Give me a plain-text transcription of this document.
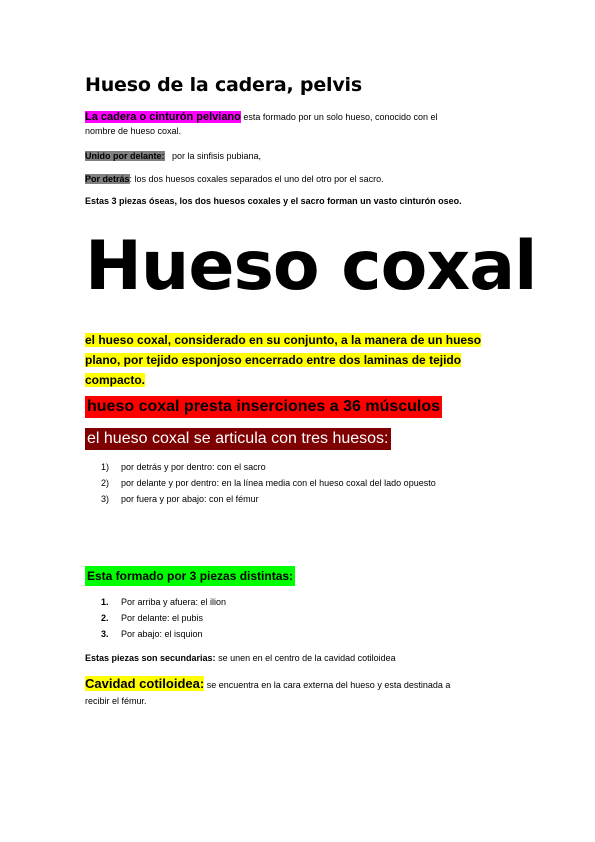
Hueso de la cadera, pelvis
La cadera o cinturón pelviano esta formado por un solo hueso, conocido con el
nombre de hueso coxal.
Unido por delante:   por la sinfisis pubiana,
Por detrás: los dos huesos coxales separados el uno del otro por el sacro.
Estas 3 piezas óseas, los dos huesos coxales y el sacro forman un vasto cinturón oseo.
Hueso coxal
el hueso coxal, considerado en su conjunto, a la manera de un hueso plano, por tejido esponjoso encerrado entre dos laminas de tejido compacto.
hueso coxal presta inserciones a 36 músculos
el hueso coxal se articula con tres huesos:
1) por detrás y por dentro: con el sacro
2) por delante y por dentro: en la línea media con el hueso coxal del lado opuesto
3) por fuera y por abajo: con el fémur
Esta formado por 3 piezas distintas:
1. Por arriba y afuera: el ilion
2. Por delante: el pubis
3. Por abajo: el isquion
Estas piezas son secundarias: se unen en el centro de la cavidad cotiloidea
Cavidad cotiloidea: se encuentra en la cara externa del hueso y esta destinada a
recibir el fémur.
